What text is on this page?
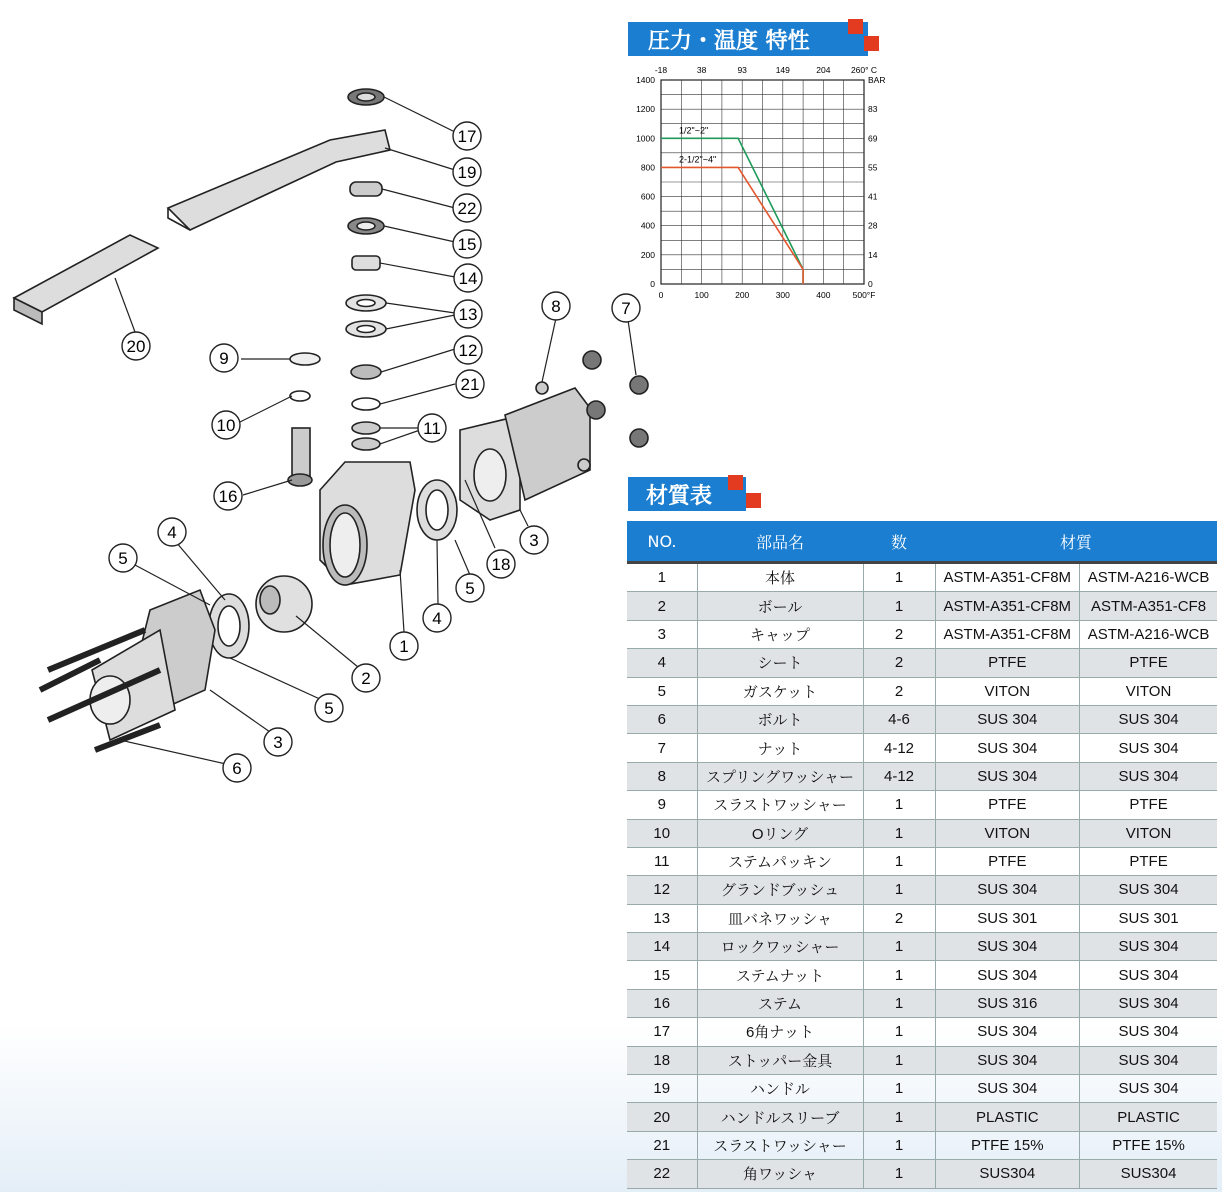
圧力・温度 特性
0
200
400
600
800
1000
1200
1400
0
14
28
41
55
69
83
BAR
0	100	200	300	400	500°F
-18	38	93	149	204 260° C
1/2"~2"
2-1/2"~4"
材質表
NO.	部品名	数	材質	
1	本体	1	ASTM-A351-CF8M	ASTM-A216-WCB
2	ボール	1	ASTM-A351-CF8M	ASTM-A351-CF8
3	キャップ	2	ASTM-A351-CF8M	ASTM-A216-WCB
4	シート	2	PTFE	PTFE
5	ガスケット	2	VITON	VITON
6	ボルト	4-6	SUS 304	SUS 304
7	ナット	4-12	SUS 304	SUS 304
8	スプリングワッシャー	4-12	SUS 304	SUS 304
9	スラストワッシャー	1	PTFE	PTFE
10	Oリング	1	VITON	VITON
11	ステムパッキン	1	PTFE	PTFE
12	グランドブッシュ	1	SUS 304	SUS 304
13	皿バネワッシャ	2	SUS 301	SUS 301
14	ロックワッシャー	1	SUS 304	SUS 304
15	ステムナット	1	SUS 304	SUS 304
16	ステム	1	SUS 316	SUS 304
17	6角ナット	1	SUS 304	SUS 304
18	ストッパー金具	1	SUS 304	SUS 304
19	ハンドル	1	SUS 304	SUS 304
20	ハンドルスリーブ	1	PLASTIC	PLASTIC
21	スラストワッシャー	1	PTFE 15%	PTFE 15%
22	角ワッシャ	1	SUS304	SUS304
1
2
3
3
4
4
5
5
5
6
7
8
9
10	11
12
13
14
15
16
17
18
19
20
21
22
